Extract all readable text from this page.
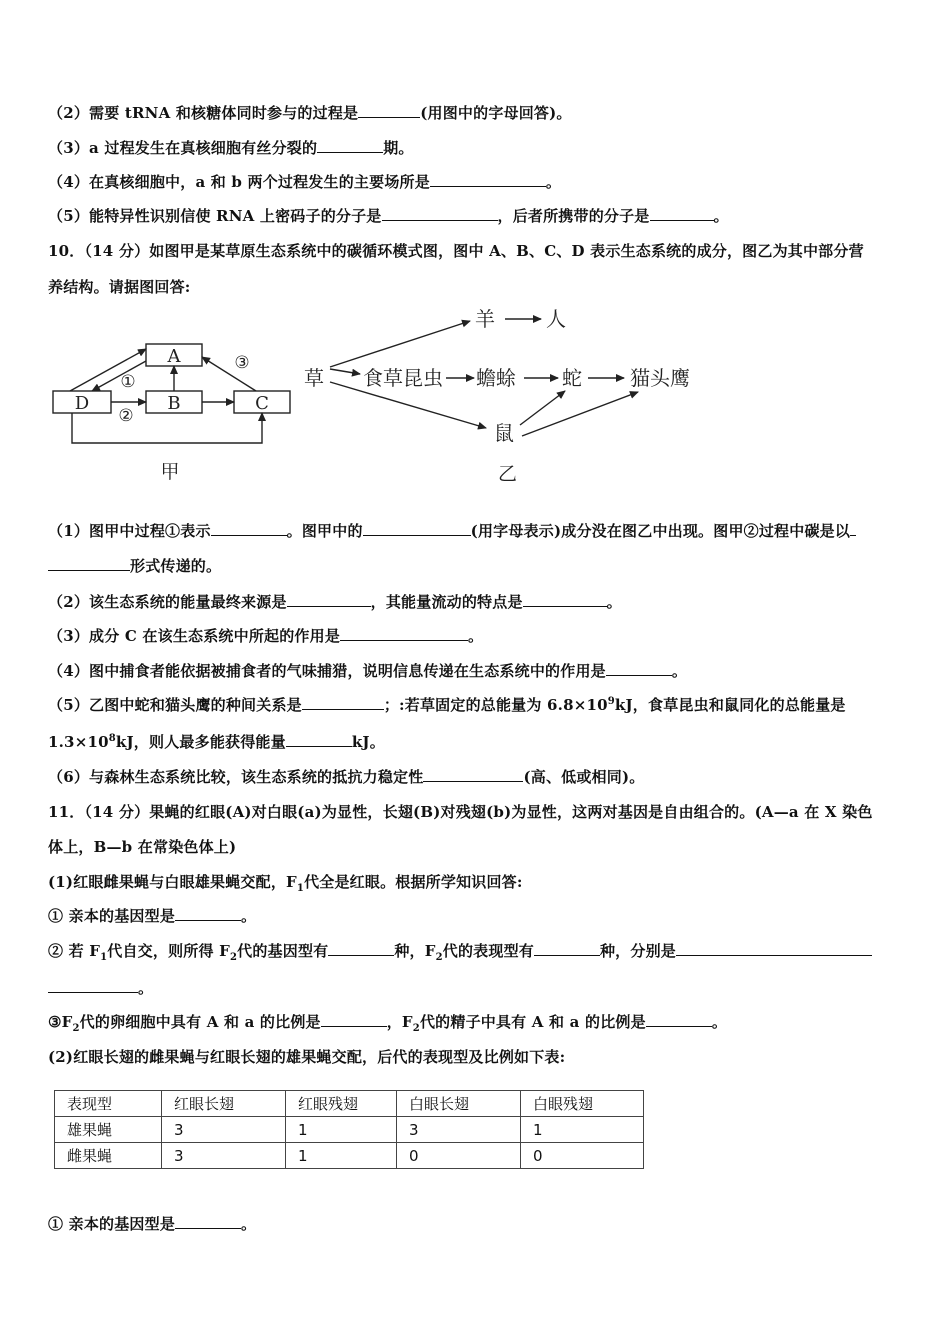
（2）需要 tRNA 和核糖体同时参与的过程是	(用图中的字母回答)。
（3）a 过程发生在真核细胞有丝分裂的	期。
（4）在真核细胞中，a 和 b 两个过程发生的主要场所是	。
（5）能特异性识别信使 RNA 上密码子的分子是	，后者所携带的分子是	。
10．（14 分）如图甲是某草原生态系统中的碳循环模式图，图中 A、B、C、D 表示生态系统的成分，图乙为其中部分营
养结构。请据图回答:
A
B	C
D
①
②
③
甲
草 食草昆虫 蟾蜍 蛇 猫头鹰
羊	人
鼠
乙
（1）图甲中过程①表示	。图甲中的	(用字母表示)成分没在图乙中出现。图甲②过程中碳是以
形式传递的。
（2）该生态系统的能量最终来源是	，其能量流动的特点是	。
（3）成分 C 在该生态系统中所起的作用是	。
（4）图中捕食者能依据被捕食者的气味捕猎，说明信息传递在生态系统中的作用是	。
（5）乙图中蛇和猫头鹰的种间关系是	；:若草固定的总能量为 $6.8\times 10^9kJ$，食草昆虫和鼠同化的总能量是
$1.3\times 10^8kJ$，则人最多能获得能量	kJ。
（6）与森林生态系统比较，该生态系统的抵抗力稳定性	(高、低或相同)。
11．（14 分）果蝇的红眼(A)对白眼(a)为显性，长翅(B)对残翅(b)为显性，这两对基因是自由组合的。(A—a 在 X 染色
体上，B—b 在常染色体上)
(1)红眼雌果蝇与白眼雄果蝇交配，$F_1$代全是红眼。根据所学知识回答:
① 亲本的基因型是	。
② 若 $F_1$代自交，则所得 $F_2$代的基因型有	种，$F_2$代的表现型有	种，分别是
。
$③F_2$代的卵细胞中具有 A 和 a 的比例是	，$F_2$代的精子中具有 A 和 a 的比例是	。
(2)红眼长翅的雌果蝇与红眼长翅的雄果蝇交配，后代的表现型及比例如下表:
表现型	红眼长翅	红眼残翅	白眼长翅	白眼残翅
雄果蝇	3	1	3	1
雌果蝇	3	1	0	0
① 亲本的基因型是	。
